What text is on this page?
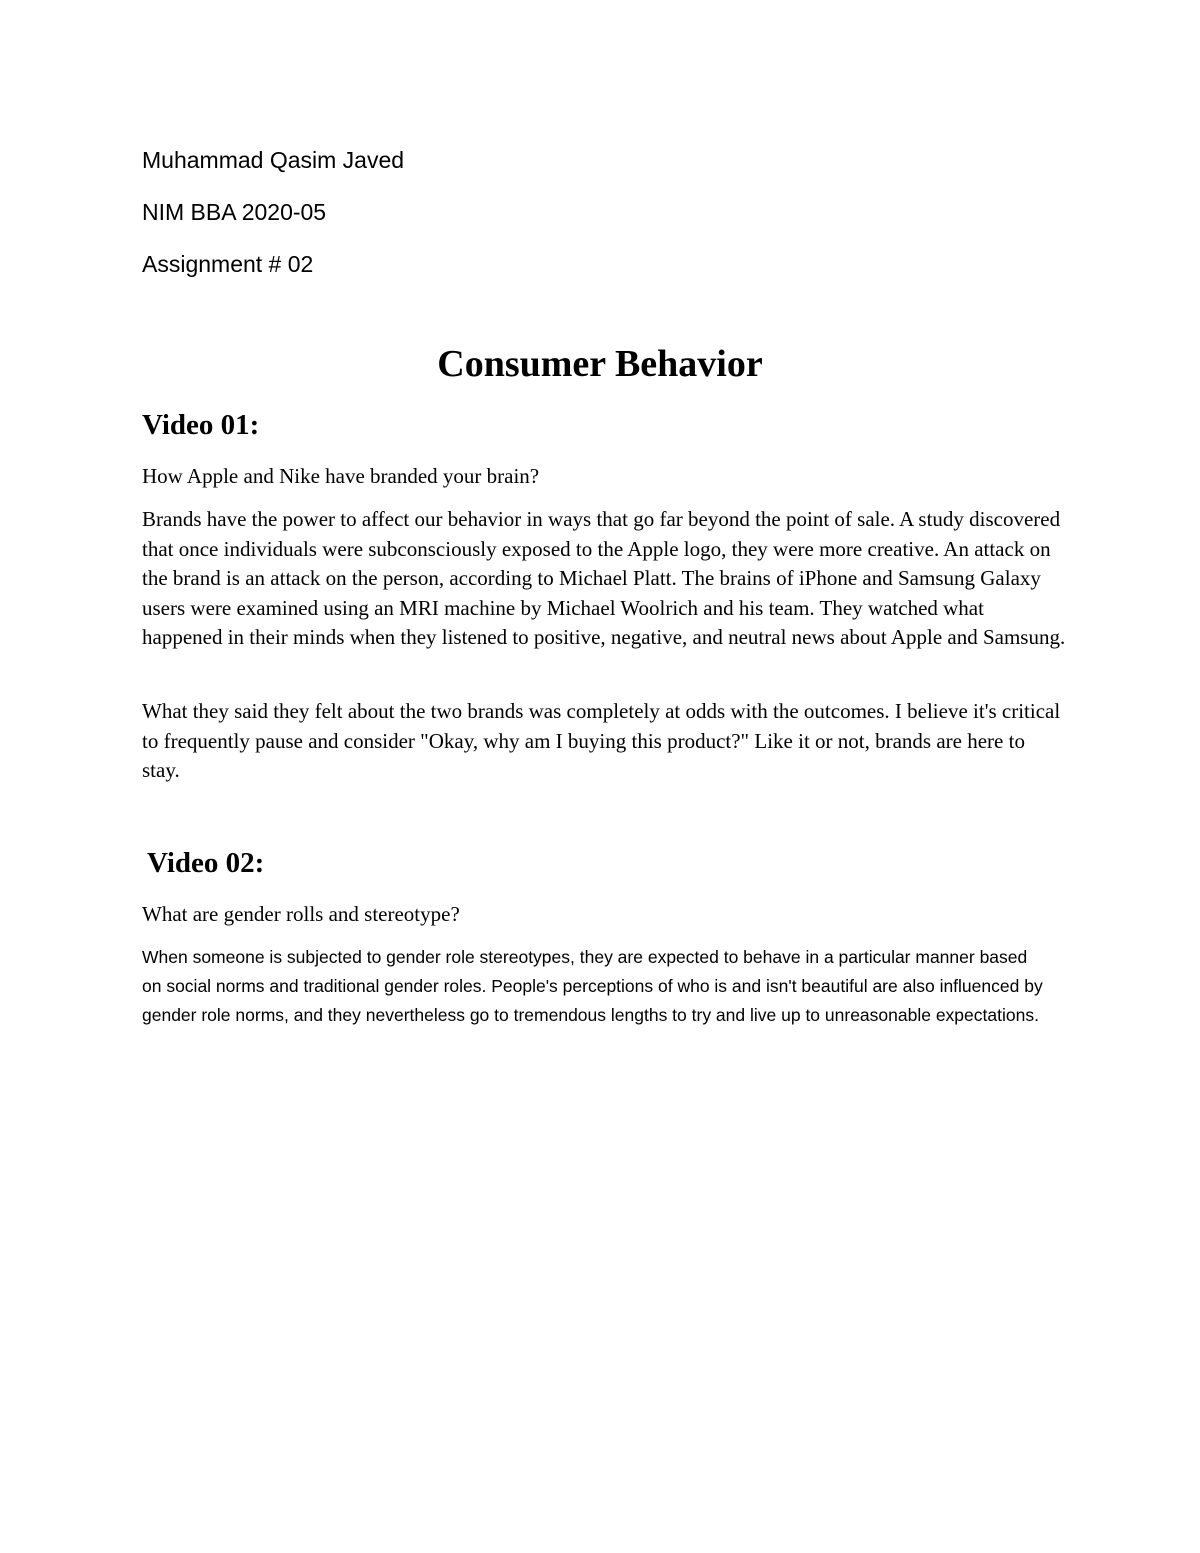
Muhammad Qasim Javed
NIM BBA 2020-05
Assignment # 02
Consumer Behavior
Video 01:
How Apple and Nike have branded your brain?

Brands have the power to affect our behavior in ways that go far beyond the point of sale. A study discovered that once individuals were subconsciously exposed to the Apple logo, they were more creative. An attack on the brand is an attack on the person, according to Michael Platt. The brains of iPhone and Samsung Galaxy users were examined using an MRI machine by Michael Woolrich and his team. They watched what happened in their minds when they listened to positive, negative, and neutral news about Apple and Samsung.

What they said they felt about the two brands was completely at odds with the outcomes. I believe it's critical to frequently pause and consider "Okay, why am I buying this product?" Like it or not, brands are here to stay.

Video 02:
What are gender rolls and stereotype?

When someone is subjected to gender role stereotypes, they are expected to behave in a particular manner based on social norms and traditional gender roles. People's perceptions of who is and isn't beautiful are also influenced by gender role norms, and they nevertheless go to tremendous lengths to try and live up to unreasonable expectations.
